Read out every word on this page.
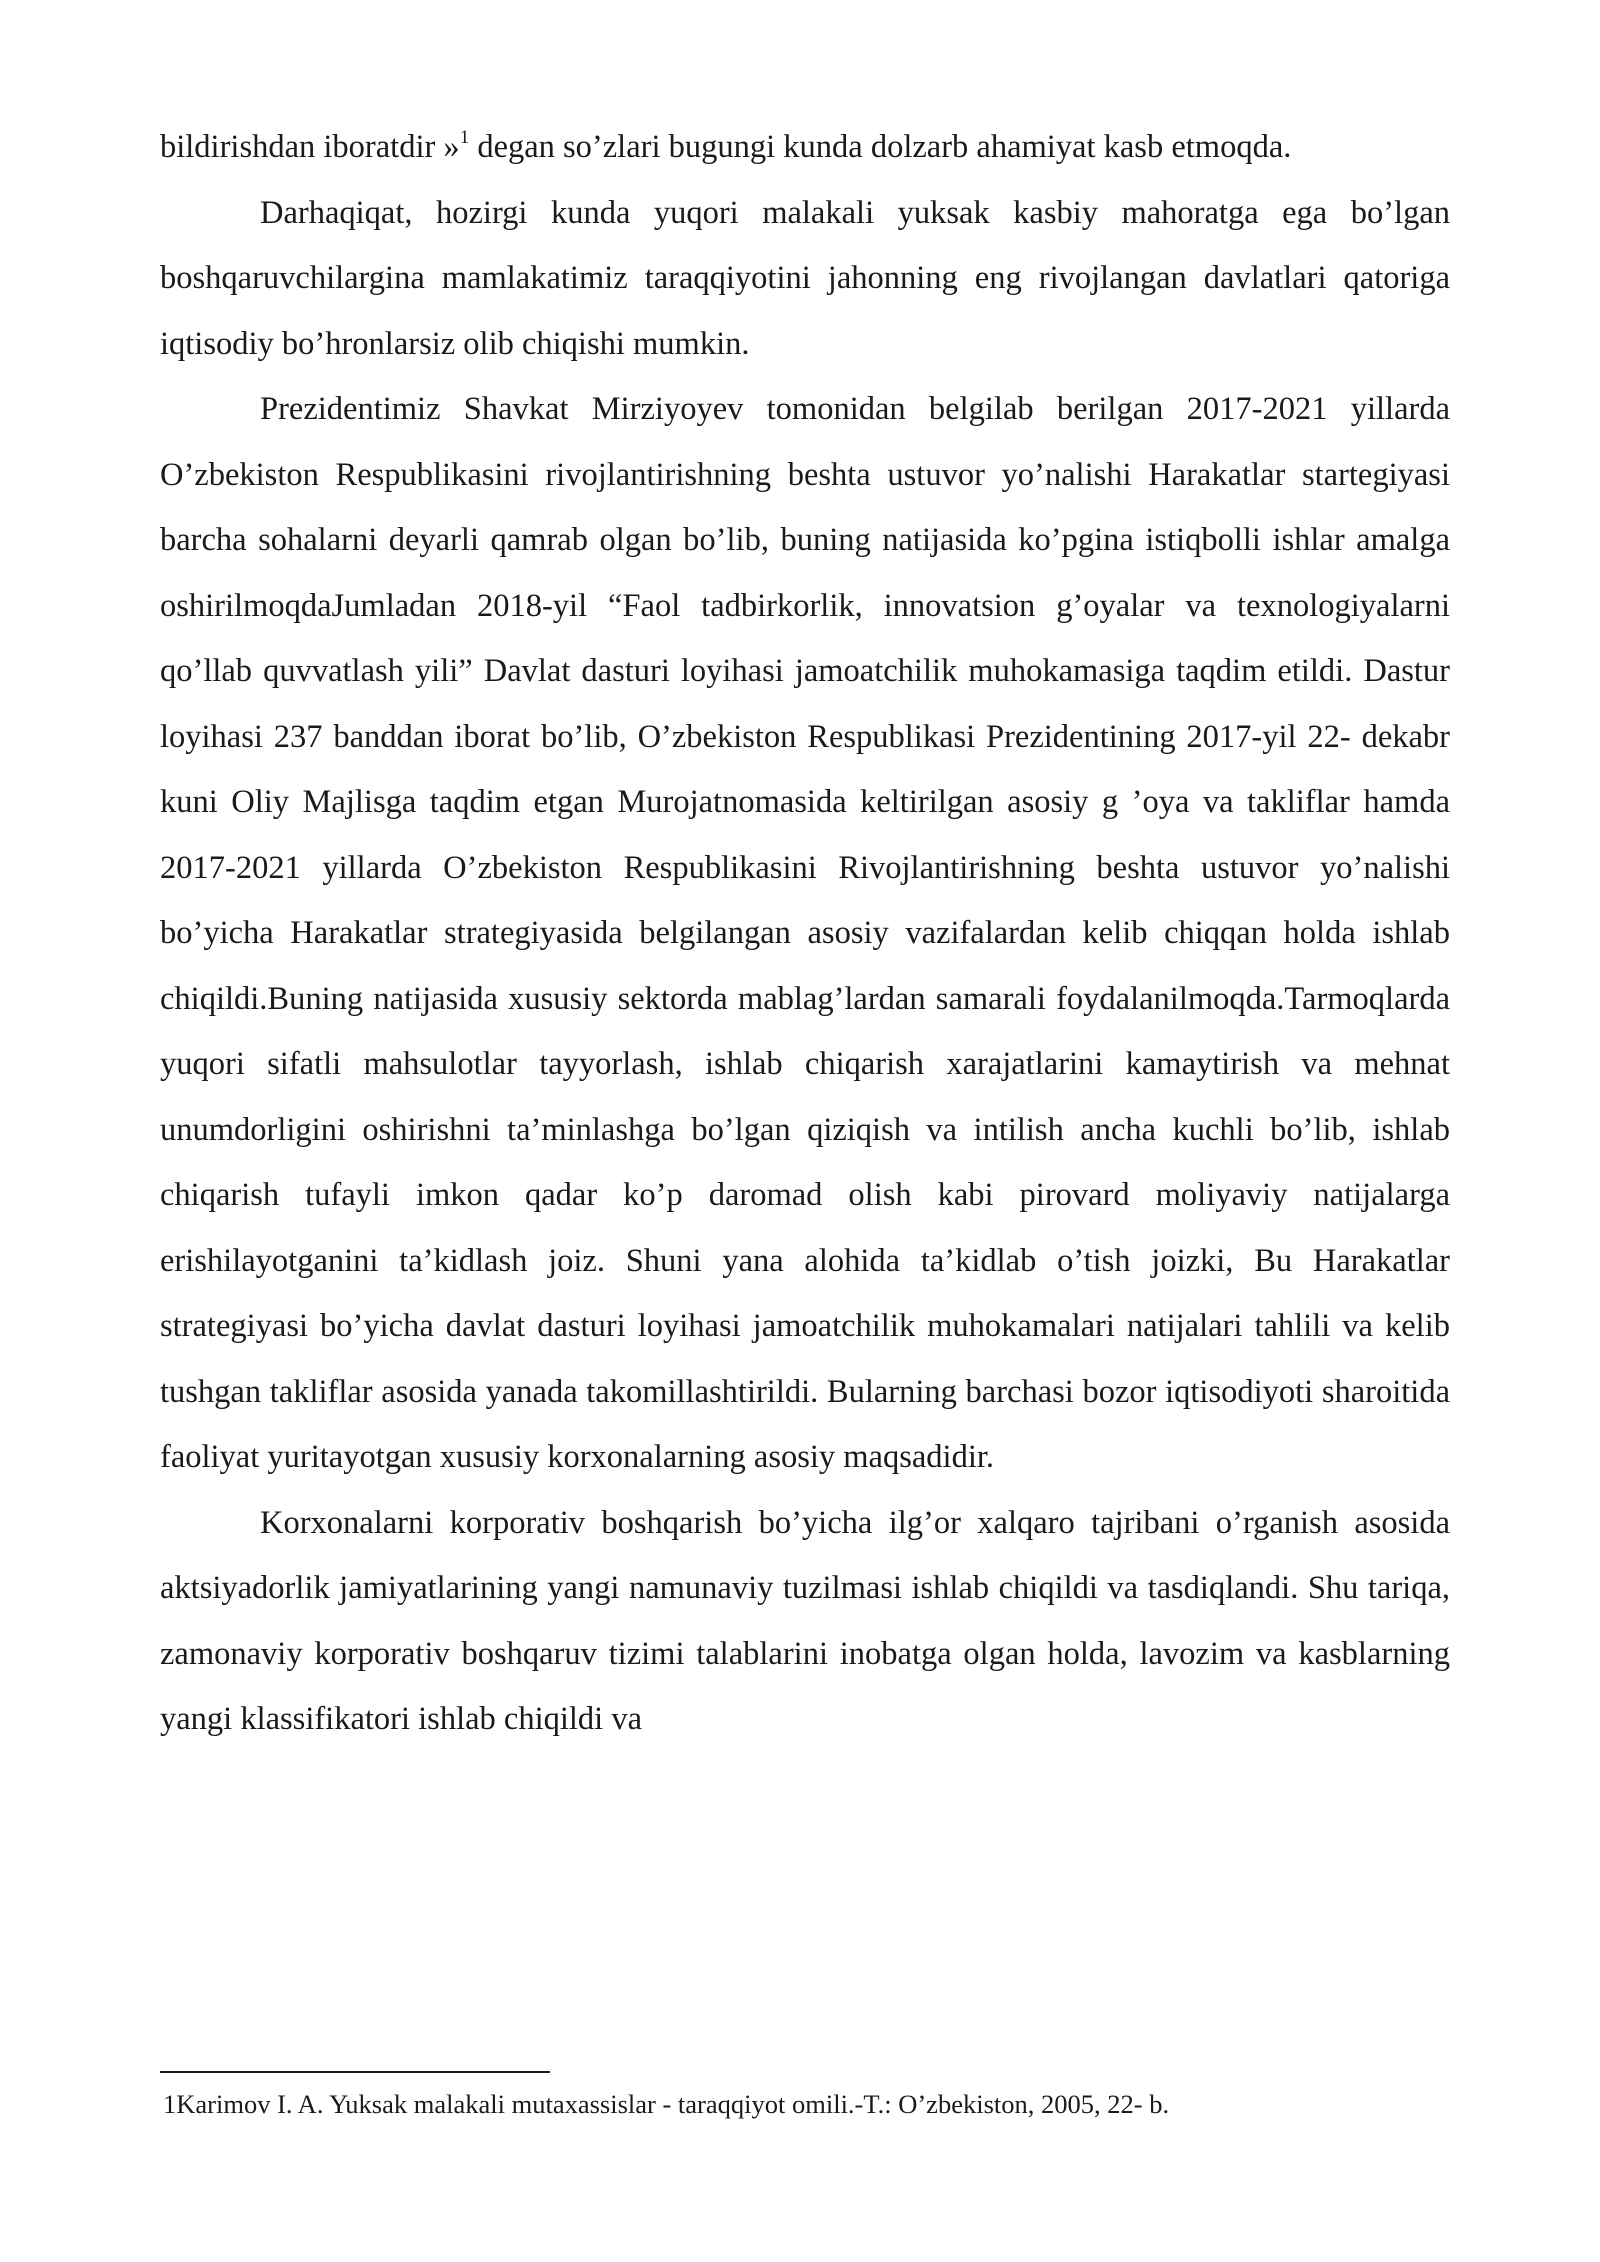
bildirishdan iboratdir »$^1$ degan so’zlari bugungi kunda dolzarb ahamiyat kasb etmoqda.

Darhaqiqat, hozirgi kunda yuqori malakali yuksak kasbiy mahoratga ega bo’lgan boshqaruvchilargina mamlakatimiz taraqqiyotini jahonning eng rivojlangan davlatlari qatoriga iqtisodiy bo’hronlarsiz olib chiqishi mumkin.

Prezidentimiz Shavkat Mirziyoyev tomonidan belgilab berilgan 2017-2021 yillarda O’zbekiston Respublikasini rivojlantirishning beshta ustuvor yo’nalishi Harakatlar startegiyasi barcha sohalarni deyarli qamrab olgan bo’lib, buning natijasida ko’pgina istiqbolli ishlar amalga oshirilmoqdaJumladan 2018-yil “Faol tadbirkorlik, innovatsion g’oyalar va texnologiyalarni qo’llab quvvatlash yili” Davlat dasturi loyihasi jamoatchilik muhokamasiga taqdim etildi. Dastur loyihasi 237 banddan iborat bo’lib, O’zbekiston Respublikasi Prezidentining 2017-yil 22- dekabr kuni Oliy Majlisga taqdim etgan Murojatnomasida keltirilgan asosiy g ’oya va takliflar hamda 2017-2021 yillarda O’zbekiston Respublikasini Rivojlantirishning beshta ustuvor yo’nalishi bo’yicha Harakatlar strategiyasida belgilangan asosiy vazifalardan kelib chiqqan holda ishlab chiqildi.Buning natijasida xususiy sektorda mablag’lardan samarali foydalanilmoqda.Tarmoqlarda yuqori sifatli mahsulotlar tayyorlash, ishlab chiqarish xarajatlarini kamaytirish va mehnat unumdorligini oshirishni ta’minlashga bo’lgan qiziqish va intilish ancha kuchli bo’lib, ishlab chiqarish tufayli imkon qadar ko’p daromad olish kabi pirovard moliyaviy natijalarga erishilayotganini ta’kidlash joiz. Shuni yana alohida ta’kidlab o’tish joizki, Bu Harakatlar strategiyasi bo’yicha davlat dasturi loyihasi jamoatchilik muhokamalari natijalari tahlili va kelib tushgan takliflar asosida yanada takomillashtirildi. Bularning barchasi bozor iqtisodiyoti sharoitida faoliyat yuritayotgan xususiy korxonalarning asosiy maqsadidir.

Korxonalarni korporativ boshqarish bo’yicha ilg’or xalqaro tajribani o’rganish asosida aktsiyadorlik jamiyatlarining yangi namunaviy tuzilmasi ishlab chiqildi va tasdiqlandi. Shu tariqa, zamonaviy korporativ boshqaruv tizimi talablarini inobatga olgan holda, lavozim va kasblarning yangi klassifikatori ishlab chiqildi va

1Karimov I. A. Yuksak malakali mutaxassislar - taraqqiyot omili.-T.: O’zbekiston, 2005, 22- b.
